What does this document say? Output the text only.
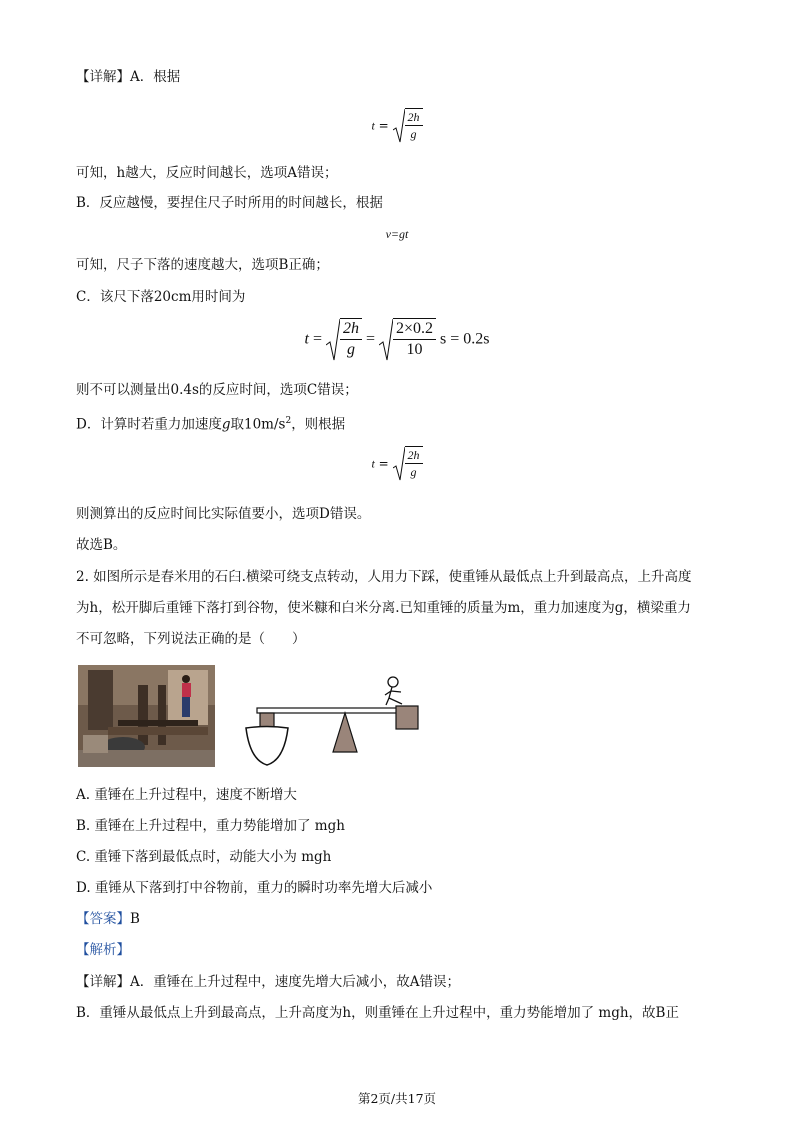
【详解】A．根据
$t = \frac{2h}{g}$
可知，h越大，反应时间越长，选项A错误；
B．反应越慢，要捏住尺子时所用的时间越长，根据
v=gt
可知，尺子下落的速度越大，选项B正确；
C．该尺下落20cm用时间为
$t = \frac{2h}{g} = \frac{2\times 0.2}{10}$ s = 0.2s
则不可以测量出0.4s的反应时间，选项C错误；
D．计算时若重力加速度g取$10m/s^2$，则根据
$t = \frac{2h}{g}$
则测算出的反应时间比实际值要小，选项D错误。
故选B。
2. 如图所示是春米用的石臼.横梁可绕支点转动，人用力下踩，使重锤从最低点上升到最高点，上升高度
为h，松开脚后重锤下落打到谷物，使米糠和白米分离.已知重锤的质量为m，重力加速度为g，横梁重力
不可忽略，下列说法正确的是（　　）
A. 重锤在上升过程中，速度不断增大
B. 重锤在上升过程中，重力势能增加了 mgh
C. 重锤下落到最低点时，动能大小为 mgh
D. 重锤从下落到打中谷物前，重力的瞬时功率先增大后减小
【答案】B
【解析】
【详解】A．重锤在上升过程中，速度先增大后减小，故A错误；
B．重锤从最低点上升到最高点，上升高度为h，则重锤在上升过程中，重力势能增加了 mgh，故B正
第2页/共17页
